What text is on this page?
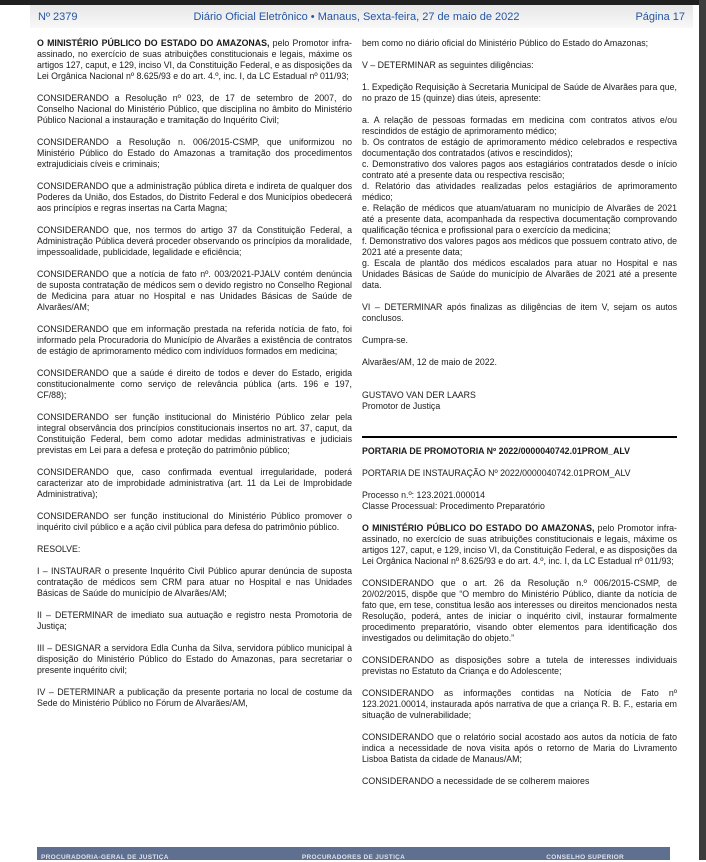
Nº 2379	Diário Oficial Eletrônico • Manaus, Sexta-feira, 27 de maio de 2022	Página 17

O MINISTÉRIO PÚBLICO DO ESTADO DO AMAZONAS, pelo Promotor infra-assinado, no exercício de suas atribuições constitucionais e legais, máxime os artigos 127, caput, e 129, inciso VI, da Constituição Federal, e as disposições da Lei Orgânica Nacional nº 8.625/93 e do art. 4.º, inc. I, da LC Estadual nº 011/93;

CONSIDERANDO a Resolução nº 023, de 17 de setembro de 2007, do Conselho Nacional do Ministério Público, que disciplina no âmbito do Ministério Público Nacional a instauração e tramitação do Inquérito Civil;

CONSIDERANDO a Resolução n. 006/2015-CSMP, que uniformizou no Ministério Público do Estado do Amazonas a tramitação dos procedimentos extrajudiciais cíveis e criminais;

CONSIDERANDO que a administração pública direta e indireta de qualquer dos Poderes da União, dos Estados, do Distrito Federal e dos Municípios obedecerá aos princípios e regras insertas na Carta Magna;

CONSIDERANDO que, nos termos do artigo 37 da Constituição Federal, a Administração Pública deverá proceder observando os princípios da moralidade, impessoalidade, publicidade, legalidade e eficiência;

CONSIDERANDO que a notícia de fato nº. 003/2021-PJALV contém denúncia de suposta contratação de médicos sem o devido registro no Conselho Regional de Medicina para atuar no Hospital e nas Unidades Básicas de Saúde de Alvarães/AM;

CONSIDERANDO que em informação prestada na referida notícia de fato, foi informado pela Procuradoria do Município de Alvarães a existência de contratos de estágio de aprimoramento médico com indivíduos formados em medicina;

CONSIDERANDO que a saúde é direito de todos e dever do Estado, erigida constitucionalmente como serviço de relevância pública (arts. 196 e 197, CF/88);

CONSIDERANDO ser função institucional do Ministério Público zelar pela integral observância dos princípios constitucionais insertos no art. 37, caput, da Constituição Federal, bem como adotar medidas administrativas e judiciais previstas em Lei para a defesa e proteção do patrimônio público;

CONSIDERANDO que, caso confirmada eventual irregularidade, poderá caracterizar ato de improbidade administrativa (art. 11 da Lei de Improbidade Administrativa);

CONSIDERANDO ser função institucional do Ministério Público promover o inquérito civil público e a ação civil pública para defesa do patrimônio público.

RESOLVE:

I – INSTAURAR o presente Inquérito Civil Público apurar denúncia de suposta contratação de médicos sem CRM para atuar no Hospital e nas Unidades Básicas de Saúde do município de Alvarães/AM;

II – DETERMINAR de imediato sua autuação e registro nesta Promotoria de Justiça;

III – DESIGNAR a servidora Edla Cunha da Silva, servidora público municipal à disposição do Ministério Público do Estado do Amazonas, para secretariar o presente inquérito civil;

IV – DETERMINAR a publicação da presente portaria no local de costume da Sede do Ministério Público no Fórum de Alvarães/AM,

bem como no diário oficial do Ministério Público do Estado do Amazonas;

V – DETERMINAR as seguintes diligências:

1. Expedição Requisição à Secretaria Municipal de Saúde de Alvarães para que, no prazo de 15 (quinze) dias úteis, apresente:

a. A relação de pessoas formadas em medicina com contratos ativos e/ou rescindidos de estágio de aprimoramento médico;

b. Os contratos de estágio de aprimoramento médico celebrados e respectiva documentação dos contratados (ativos e rescindidos);

c. Demonstrativo dos valores pagos aos estagiários contratados desde o início contrato até a presente data ou respectiva rescisão;

d. Relatório das atividades realizadas pelos estagiários de aprimoramento médico;

e. Relação de médicos que atuam/atuaram no município de Alvarães de 2021 até a presente data, acompanhada da respectiva documentação comprovando qualificação técnica e profissional para o exercício da medicina;

f. Demonstrativo dos valores pagos aos médicos que possuem contrato ativo, de 2021 até a presente data;

g. Escala de plantão dos médicos escalados para atuar no Hospital e nas Unidades Básicas de Saúde do município de Alvarães de 2021 até a presente data.

VI – DETERMINAR após finalizas as diligências de item V, sejam os autos conclusos.

Cumpra-se.

Alvarães/AM, 12 de maio de 2022.

GUSTAVO VAN DER LAARS

Promotor de Justiça

PORTARIA DE PROMOTORIA Nº 2022/0000040742.01PROM_ALV

PORTARIA DE INSTAURAÇÃO Nº 2022/0000040742.01PROM_ALV

Processo n.º: 123.2021.000014

Classe Processual: Procedimento Preparatório

O MINISTÉRIO PÚBLICO DO ESTADO DO AMAZONAS, pelo Promotor infra-assinado, no exercício de suas atribuições constitucionais e legais, máxime os artigos 127, caput, e 129, inciso VI, da Constituição Federal, e as disposições da Lei Orgânica Nacional nº 8.625/93 e do art. 4.º, inc. I, da LC Estadual nº 011/93;

CONSIDERANDO que o art. 26 da Resolução n.º 006/2015-CSMP, de 20/02/2015, dispõe que “O membro do Ministério Público, diante da notícia de fato que, em tese, constitua lesão aos interesses ou direitos mencionados nesta Resolução, poderá, antes de iniciar o inquérito civil, instaurar formalmente procedimento preparatório, visando obter elementos para identificação dos investigados ou delimitação do objeto.”

CONSIDERANDO as disposições sobre a tutela de interesses individuais previstas no Estatuto da Criança e do Adolescente;

CONSIDERANDO as informações contidas na Notícia de Fato nº 123.2021.00014, instaurada após narrativa de que a criança R. B. F., estaria em situação de vulnerabilidade;

CONSIDERANDO que o relatório social acostado aos autos da notícia de fato indica a necessidade de nova visita após o retorno de Maria do Livramento Lisboa Batista da cidade de Manaus/AM;

CONSIDERANDO a necessidade de se colherem maiores

PROCURADORIA-GERAL DE JUSTIÇA	PROCURADORES DE JUSTIÇA	CONSELHO SUPERIOR
